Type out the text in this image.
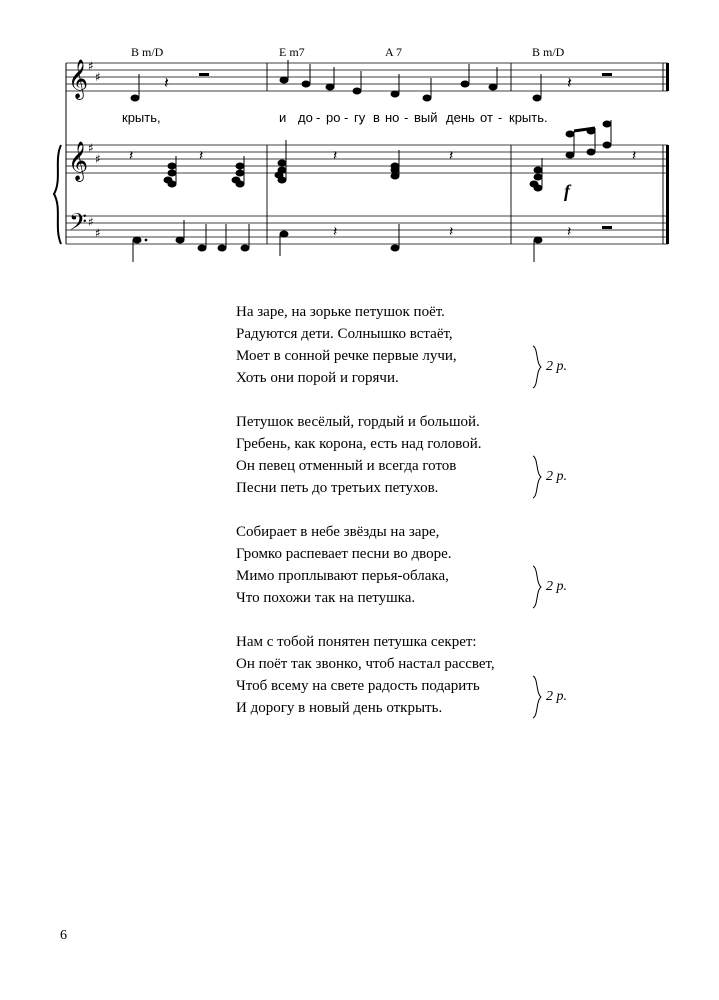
B m/D	E m7	A 7	B m/D
𝄞
𝄞
𝄢
♯
♯
♯
♯
♯
♯
𝄽	𝄽
крыть,	и до - ро - гу в но - вый день от - крыть.
𝄽	𝄽	𝄽	𝄽	𝄽
f
𝄽	𝄽	𝄽
На заре, на зорьке петушок поёт.
Радуются дети. Солнышко встаёт,
Моет в сонной речке первые лучи,
Хоть они порой и горячи.
2 р.
Петушок весёлый, гордый и большой.
Гребень, как корона, есть над головой.
Он певец отменный и всегда готов
Песни петь до третьих петухов.
2 р.
Собирает в небе звёзды на заре,
Громко распевает песни во дворе.
Мимо проплывают перья-облака,
Что похожи так на петушка.
2 р.
Нам с тобой понятен петушка секрет:
Он поёт так звонко, чтоб настал рассвет,
Чтоб всему на свете радость подарить
И дорогу в новый день открыть.
2 р.
6
